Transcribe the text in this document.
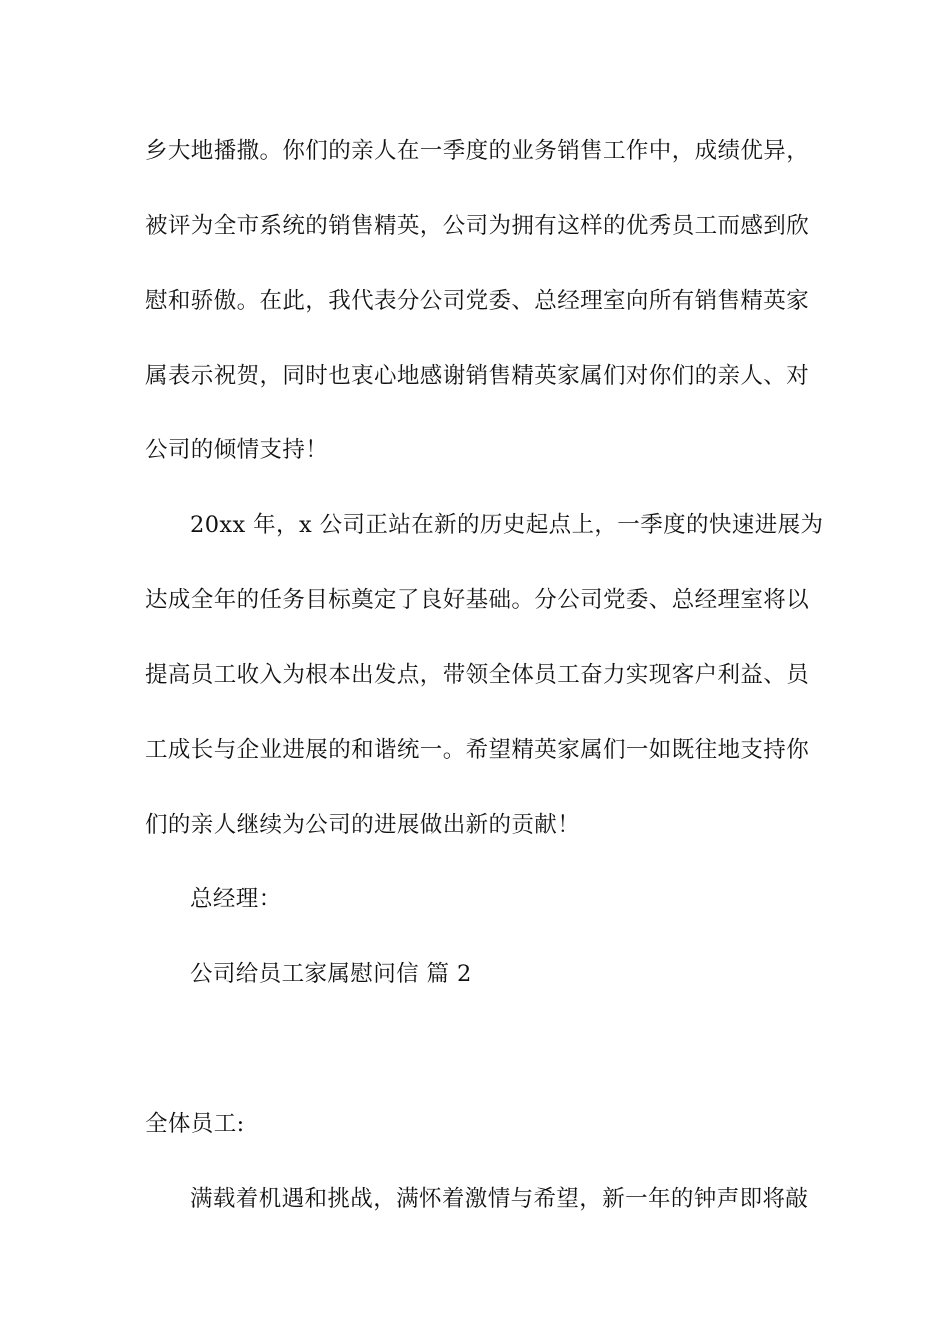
乡大地播撒。你们的亲人在一季度的业务销售工作中，成绩优异，
被评为全市系统的销售精英，公司为拥有这样的优秀员工而感到欣
慰和骄傲。在此，我代表分公司党委、总经理室向所有销售精英家
属表示祝贺，同时也衷心地感谢销售精英家属们对你们的亲人、对
公司的倾情支持！
20xx 年，x 公司正站在新的历史起点上，一季度的快速进展为
达成全年的任务目标奠定了良好基础。分公司党委、总经理室将以
提高员工收入为根本出发点，带领全体员工奋力实现客户利益、员
工成长与企业进展的和谐统一。希望精英家属们一如既往地支持你
们的亲人继续为公司的进展做出新的贡献！
总经理：
公司给员工家属慰问信 篇 2
全体员工:
满载着机遇和挑战，满怀着激情与希望，新一年的钟声即将敲
